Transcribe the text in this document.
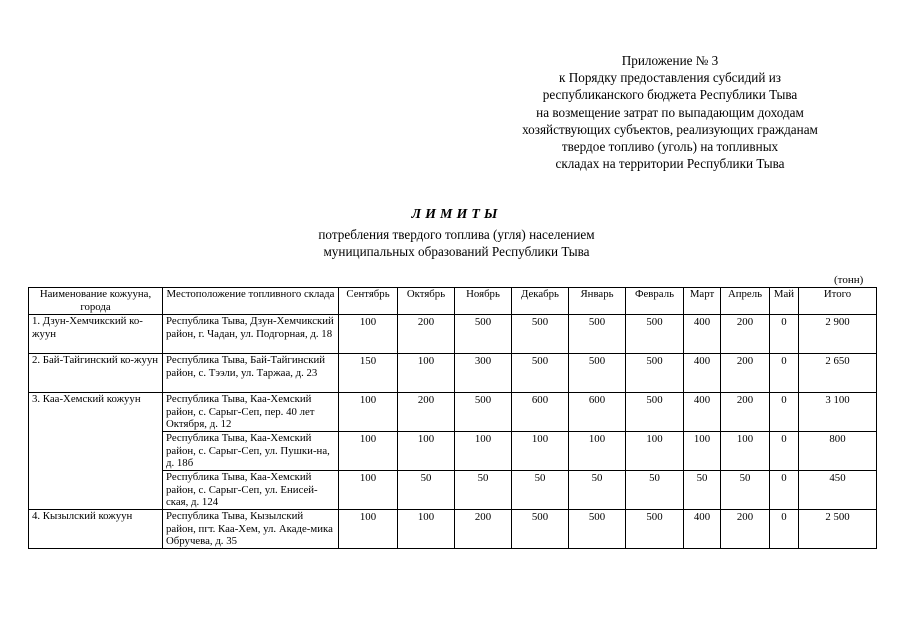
Приложение № 3
к Порядку предоставления субсидий из
республиканского бюджета Республики Тыва
на возмещение затрат по выпадающим доходам
хозяйствующих субъектов, реализующих гражданам
твердое топливо (уголь) на топливных
складах на территории Республики Тыва
ЛИМИТЫ
потребления твердого топлива (угля) населением
муниципальных образований Республики Тыва
(тонн)
Наименование кожууна, города	Местоположение топливного склада	Сентябрь	Октябрь	Ноябрь	Декабрь	Январь	Февраль	Март	Апрель	Май	Итого
1. Дзун-Хемчикский ко-жуун	Республика Тыва, Дзун-Хемчикский район, г. Чадан, ул. Подгорная, д. 18	100	200	500	500	500	500	400	200	0	2 900
2. Бай-Тайгинский ко-жуун	Республика Тыва, Бай-Тайгинский район, с. Тээли, ул. Таржаа, д. 23	150	100	300	500	500	500	400	200	0	2 650
3. Каа-Хемский кожуун	Республика Тыва, Каа-Хемский район, с. Сарыг-Сеп, пер. 40 лет Октября, д. 12	100	200	500	600	600	500	400	200	0	3 100
	Республика Тыва, Каа-Хемский район, с. Сарыг-Сеп, ул. Пушки-на, д. 18б	100	100	100	100	100	100	100	100	0	800
	Республика Тыва, Каа-Хемский район, с. Сарыг-Сеп, ул. Енисей-ская, д. 124	100	50	50	50	50	50	50	50	0	450
4. Кызылский кожуун	Республика Тыва, Кызылский район, пгт. Каа-Хем, ул. Акаде-мика Обручева, д. 35	100	100	200	500	500	500	400	200	0	2 500
